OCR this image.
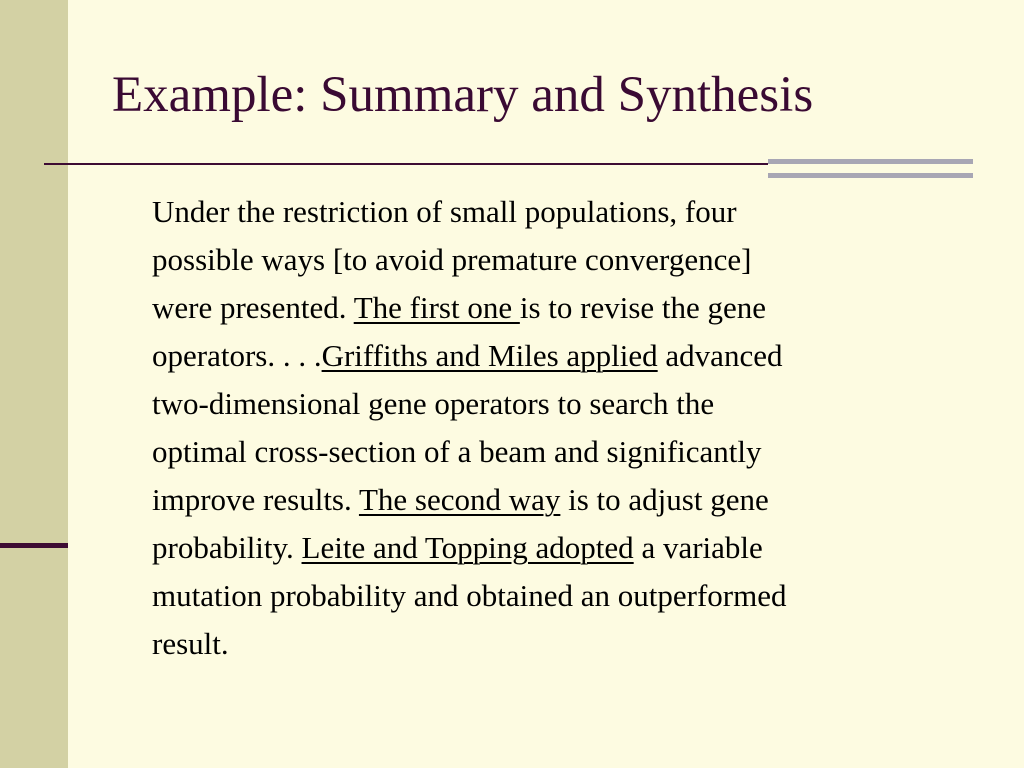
Example: Summary and Synthesis

Under the restriction of small populations, four
possible ways [to avoid premature convergence]
were presented. The first one is to revise the gene
operators. . . .Griffiths and Miles applied advanced
two-dimensional gene operators to search the
optimal cross-section of a beam and significantly
improve results. The second way is to adjust gene
probability. Leite and Topping adopted a variable
mutation probability and obtained an outperformed
result.
